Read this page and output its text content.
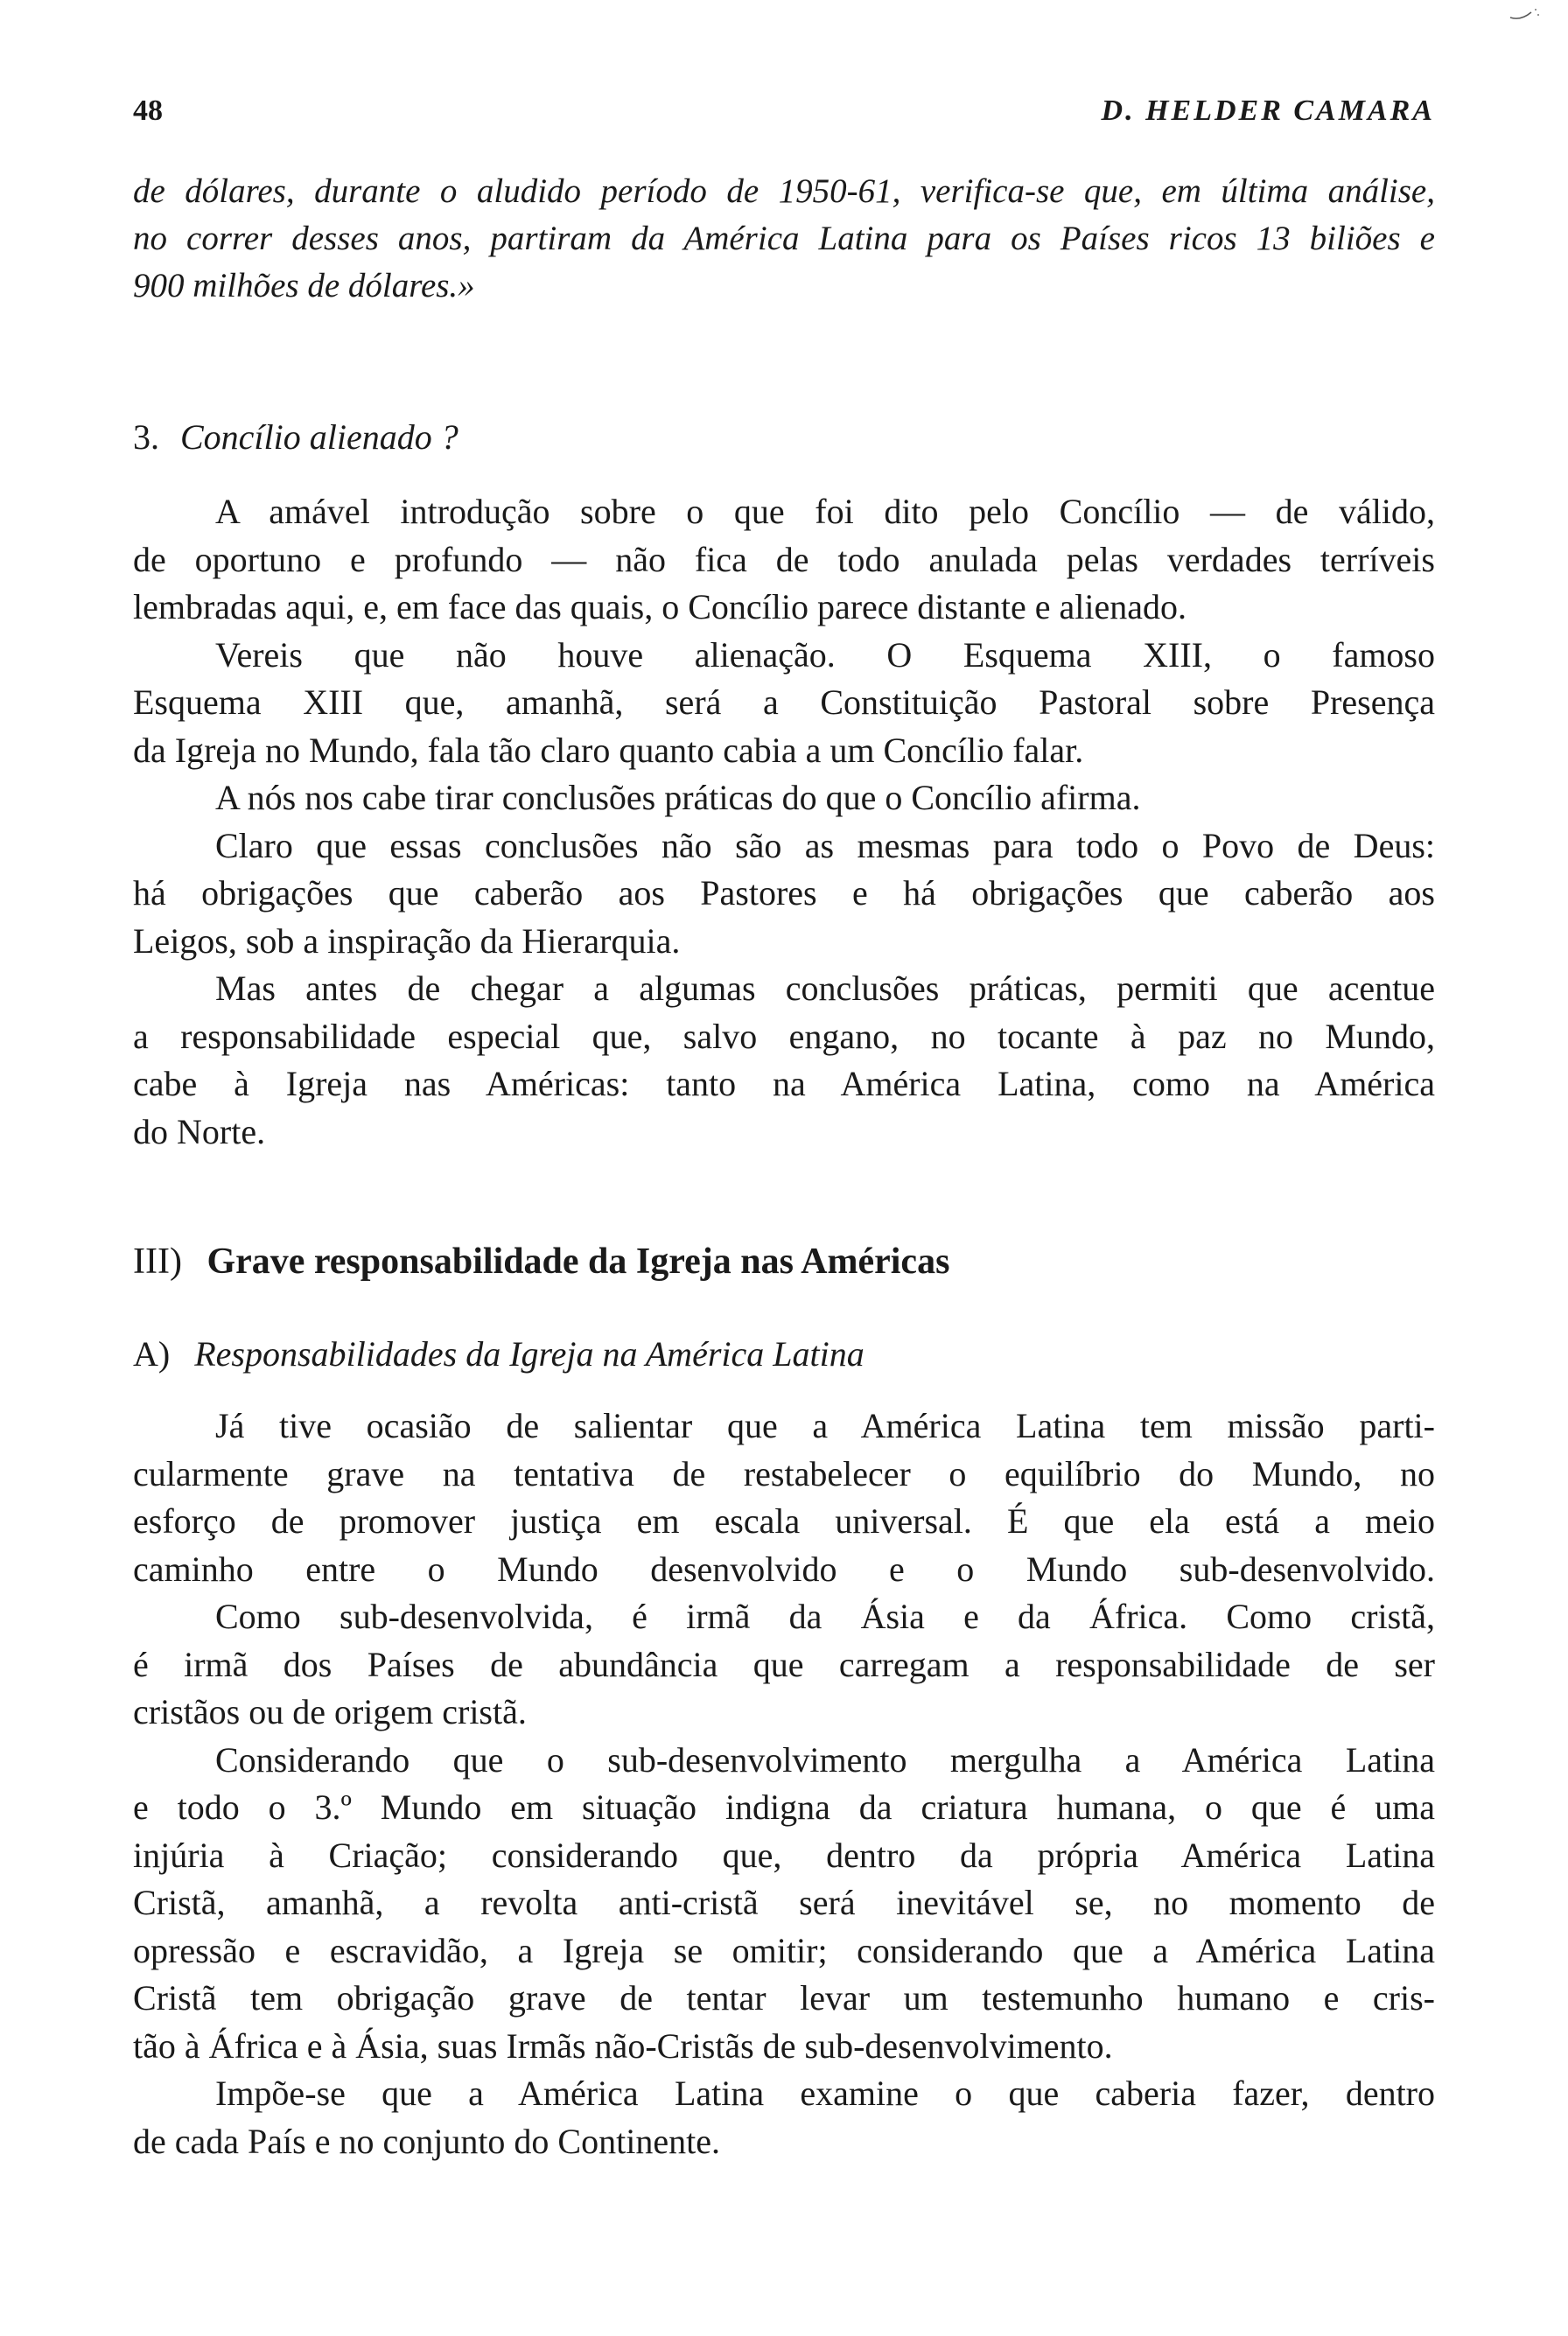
48	D. HELDER CAMARA
de dólares, durante o aludido período de 1950-61, verifica-se que, em última análise,
no correr desses anos, partiram da América Latina para os Países ricos 13 biliões e
900 milhões de dólares.»
3. Concílio alienado ?

A amável introdução sobre o que foi dito pelo Concílio — de válido,
de oportuno e profundo — não fica de todo anulada pelas verdades terríveis
lembradas aqui, e, em face das quais, o Concílio parece distante e alienado.

Vereis que não houve alienação. O Esquema XIII, o famoso
Esquema XIII que, amanhã, será a Constituição Pastoral sobre Presença
da Igreja no Mundo, fala tão claro quanto cabia a um Concílio falar.

A nós nos cabe tirar conclusões práticas do que o Concílio afirma.

Claro que essas conclusões não são as mesmas para todo o Povo de Deus:
há obrigações que caberão aos Pastores e há obrigações que caberão aos
Leigos, sob a inspiração da Hierarquia.

Mas antes de chegar a algumas conclusões práticas, permiti que acentue
a responsabilidade especial que, salvo engano, no tocante à paz no Mundo,
cabe à Igreja nas Américas: tanto na América Latina, como na América
do Norte.

III) Grave responsabilidade da Igreja nas Américas
A) Responsabilidades da Igreja na América Latina

Já tive ocasião de salientar que a América Latina tem missão parti-
cularmente grave na tentativa de restabelecer o equilíbrio do Mundo, no
esforço de promover justiça em escala universal. É que ela está a meio
caminho entre o Mundo desenvolvido e o Mundo sub-desenvolvido.

Como sub-desenvolvida, é irmã da Ásia e da África. Como cristã,
é irmã dos Países de abundância que carregam a responsabilidade de ser
cristãos ou de origem cristã.

Considerando que o sub-desenvolvimento mergulha a América Latina
e todo o 3.º Mundo em situação indigna da criatura humana, o que é uma
injúria à Criação; considerando que, dentro da própria América Latina
Cristã, amanhã, a revolta anti-cristã será inevitável se, no momento de
opressão e escravidão, a Igreja se omitir; considerando que a América Latina
Cristã tem obrigação grave de tentar levar um testemunho humano e cris-
tão à África e à Ásia, suas Irmãs não-Cristãs de sub-desenvolvimento.

Impõe-se que a América Latina examine o que caberia fazer, dentro
de cada País e no conjunto do Continente.
